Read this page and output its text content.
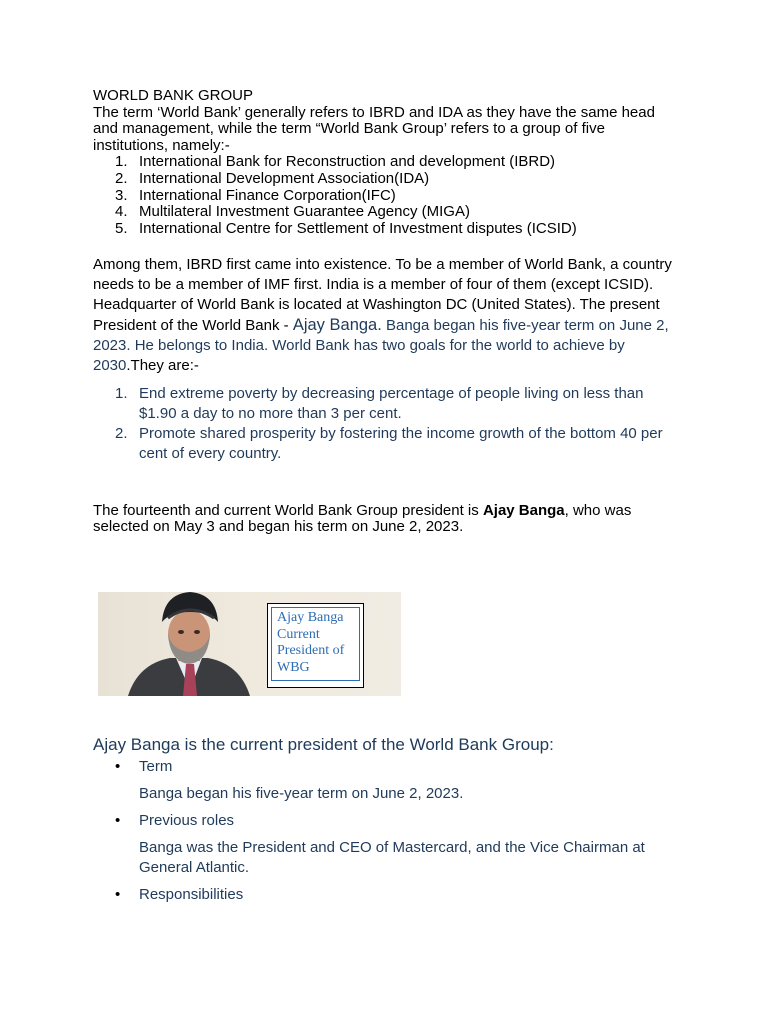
WORLD BANK GROUP

The term ‘World Bank’ generally refers to IBRD and IDA as they have the same head and management, while the term “World Bank Group’ refers to a group of five institutions, namely:-

1. International Bank for Reconstruction and development (IBRD)
2. International Development Association(IDA)
3. International Finance Corporation(IFC)
4. Multilateral Investment Guarantee Agency (MIGA)
5. International Centre for Settlement of Investment disputes (ICSID)

Among them, IBRD first came into existence. To be a member of World Bank, a country needs to be a member of IMF first. India is a member of four of them (except ICSID). Headquarter of World Bank is located at Washington DC (United States). The present President of the World Bank - Ajay Banga. Banga began his five-year term on June 2, 2023. He belongs to India. World Bank has two goals for the world to achieve by 2030.They are:-

1. End extreme poverty by decreasing percentage of people living on less than $1.90 a day to no more than 3 per cent.
2. Promote shared prosperity by fostering the income growth of the bottom 40 per cent of every country.

The fourteenth and current World Bank Group president is Ajay Banga, who was selected on May 3 and began his term on June 2, 2023.

Ajay Banga
Current
President of
WBG
Ajay Banga is the current president of the World Bank Group:
• Term
Banga began his five-year term on June 2, 2023.
• Previous roles
Banga was the President and CEO of Mastercard, and the Vice Chairman at General Atlantic.
• Responsibilities
